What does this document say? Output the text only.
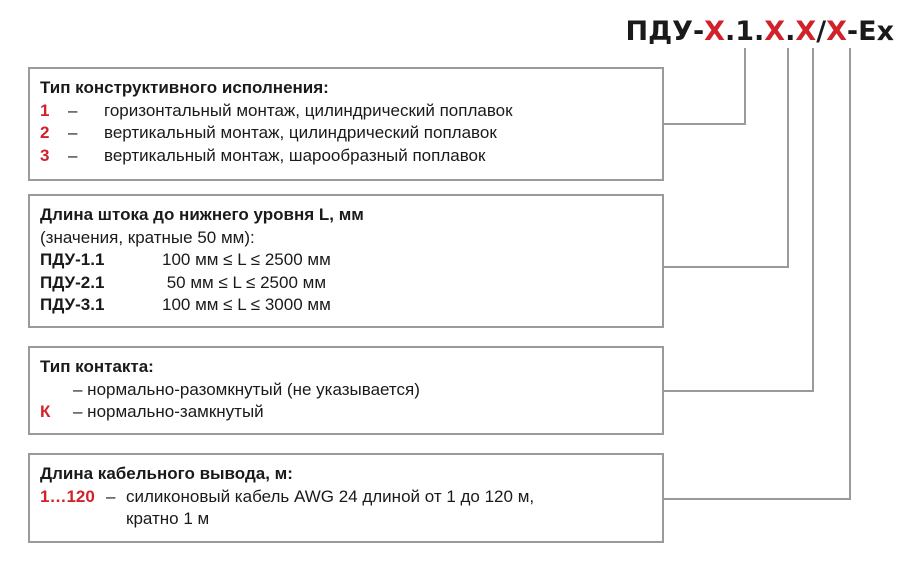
ПДУ-Х.1.Х.Х/Х-Ex
Тип конструктивного исполнения:
1	–	горизонтальный монтаж, цилиндрический поплавок
2	–	вертикальный монтаж, цилиндрический поплавок
3	–	вертикальный монтаж, шарообразный поплавок
Длина штока до нижнего уровня L, мм
(значения, кратные 50 мм):
ПДУ-1.1	100 мм ≤ L ≤ 2500 мм
ПДУ-2.1	50 мм ≤ L ≤ 2500 мм
ПДУ-3.1	100 мм ≤ L ≤ 3000 мм
Тип контакта:
– нормально-разомкнутый (не указывается)
К	– нормально-замкнутый
Длина кабельного вывода, м:
1…120 – силиконовый кабель AWG 24 длиной от 1 до 120 м,
кратно 1 м
